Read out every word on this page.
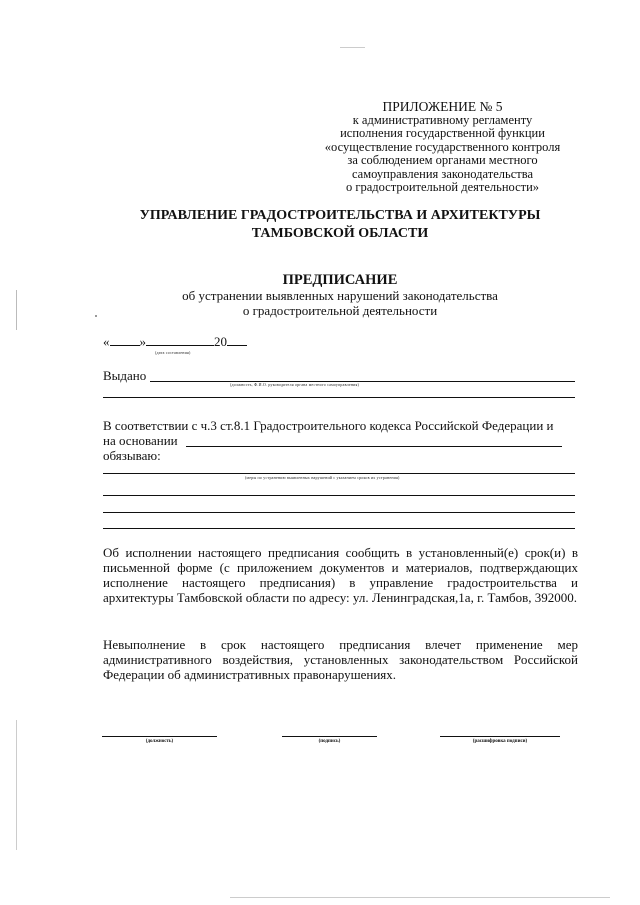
ПРИЛОЖЕНИЕ № 5
к административному регламенту
исполнения государственной функции
«осуществление государственного контроля
за соблюдением органами местного
самоуправления законодательства
о градостроительной деятельности»
УПРАВЛЕНИЕ ГРАДОСТРОИТЕЛЬСТВА И АРХИТЕКТУРЫ
ТАМБОВСКОЙ ОБЛАСТИ
ПРЕДПИСАНИЕ
об устранении выявленных нарушений законодательства
о градостроительной деятельности
« »	20
(дата составления)
Выдано
(должность, Ф.И.О. руководителя органа местного самоуправления)
В соответствии с ч.3 ст.8.1 Градостроительного кодекса Российской Федерации и
на основании
обязываю:
(меры по устранению выявленных нарушений с указанием сроков их устранения)
Об исполнении настоящего предписания сообщить в установленный(е) срок(и) в письменной форме (с приложением документов и материалов, подтверждающих исполнение настоящего предписания) в управление градостроительства и архитектуры Тамбовской области по адресу: ул. Ленинградская,1а, г. Тамбов, 392000.
Невыполнение в срок настоящего предписания влечет применение мер административного воздействия, установленных законодательством Российской Федерации об административных правонарушениях.
(должность)	(подпись)	(расшифровка подписи)
